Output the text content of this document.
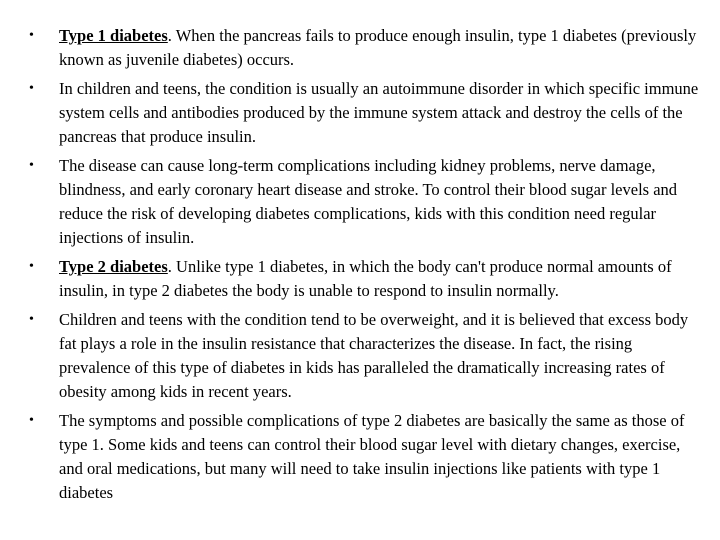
•	Type 1 diabetes. When the pancreas fails to produce enough insulin, type 1 diabetes (previously known as juvenile diabetes) occurs.
•	In children and teens, the condition is usually an autoimmune disorder in which specific immune system cells and antibodies produced by the immune system attack and destroy the cells of the pancreas that produce insulin.
•	The disease can cause long-term complications including kidney problems, nerve damage, blindness, and early coronary heart disease and stroke. To control their blood sugar levels and reduce the risk of developing diabetes complications, kids with this condition need regular injections of insulin.
•	Type 2 diabetes. Unlike type 1 diabetes, in which the body can't produce normal amounts of insulin, in type 2 diabetes the body is unable to respond to insulin normally.
•	Children and teens with the condition tend to be overweight, and it is believed that excess body fat plays a role in the insulin resistance that characterizes the disease. In fact, the rising prevalence of this type of diabetes in kids has paralleled the dramatically increasing rates of obesity among kids in recent years.
•	The symptoms and possible complications of type 2 diabetes are basically the same as those of type 1. Some kids and teens can control their blood sugar level with dietary changes, exercise, and oral medications, but many will need to take insulin injections like patients with type 1 diabetes
